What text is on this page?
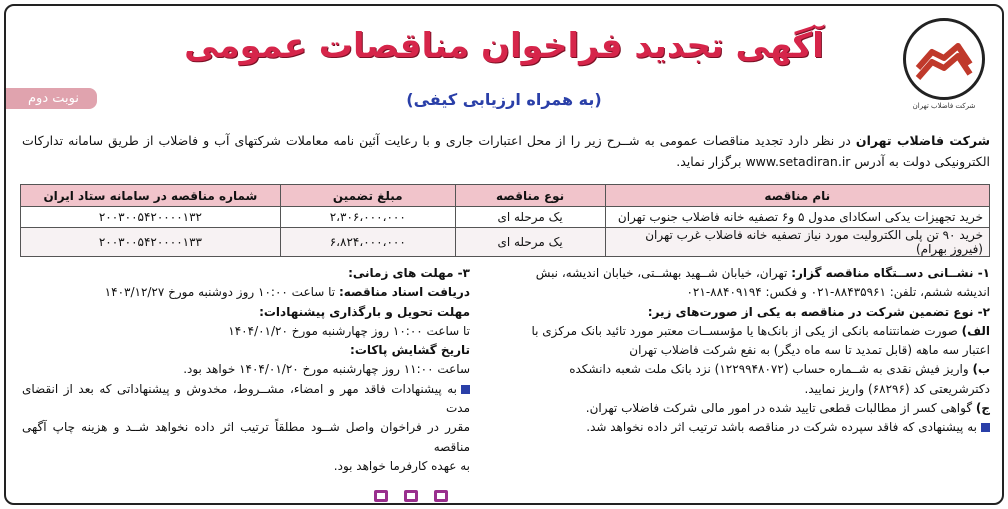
شرکت فاضلاب تهران
آگهی تجدید فراخوان مناقصات عمومی
(به همراه ارزیابی کیفی)
نوبت دوم
شرکت فاضلاب تهران در نظر دارد تجدید مناقصات عمومی به شــرح زیر را از محل اعتبارات جاری و با رعایت آئین نامه معاملات شرکتهای آب و فاضلاب از طریق سامانه تدارکات الکترونیکی دولت به آدرس www.setadiran.ir برگزار نماید.
نام مناقصه	نوع مناقصه	مبلغ تضمین	شماره مناقصه در سامانه ستاد ایران
خرید تجهیزات یدکی اسکادای مدول ۵ و۶ تصفیه خانه فاضلاب جنوب تهران	یک مرحله ای	۲،۳۰۶،۰۰۰،۰۰۰	۲۰۰۳۰۰۵۴۲۰۰۰۰۱۳۲
خرید ۹۰ تن پلی الکترولیت مورد نیاز تصفیه خانه فاضلاب غرب تهران (فیروز بهرام)	یک مرحله ای	۶،۸۲۴،۰۰۰،۰۰۰	۲۰۰۳۰۰۵۴۲۰۰۰۰۱۳۳
۱- نشــانی دســتگاه مناقصه گزار: تهران، خیابان شــهید بهشــتی، خیابان اندیشه، نبش
اندیشه ششم، تلفن: ۸۸۴۳۵۹۶۱-۰۲۱ و فکس: ۸۸۴۰۹۱۹۴-۰۲۱
۲- نوع تضمین شرکت در مناقصه به یکی از صورت‌های زیر:
الف) صورت ضمانتنامه بانکی از یکی از بانک‌ها یا مؤسســات معتبر مورد تائید بانک مرکزی با
اعتبار سه ماهه (قابل تمدید تا سه ماه دیگر) به نفع شرکت فاضلاب تهران
ب) واریز فیش نقدی به شــماره حساب (۱۲۲۹۹۴۸۰۷۲) نزد بانک ملت شعبه دانشکده
دکترشریعتی کد (۶۸۲۹۶) واریز نمایید.
ج) گواهی کسر از مطالبات قطعی تایید شده در امور مالی شرکت فاضلاب تهران.
به پیشنهادی که فاقد سپرده شرکت در مناقصه باشد ترتیب اثر داده نخواهد شد.
۳- مهلت های زمانی:
دریافت اسناد مناقصه: تا ساعت ۱۰:۰۰ روز دوشنبه مورخ ۱۴۰۳/۱۲/۲۷
مهلت تحویل و بارگذاری پیشنهادات:
تا ساعت ۱۰:۰۰ روز چهارشنبه مورخ ۱۴۰۴/۰۱/۲۰
تاریخ گشایش پاکات:
ساعت ۱۱:۰۰ روز چهارشنبه مورخ ۱۴۰۴/۰۱/۲۰ خواهد بود.
به پیشنهادات فاقد مهر و امضاء، مشــروط، مخدوش و پیشنهاداتی که بعد از انقضای مدت
مقرر در فراخوان واصل شــود مطلقاً ترتیب اثر داده نخواهد شــد و هزینه چاپ آگهی مناقصه
به عهده کارفرما خواهد بود.
